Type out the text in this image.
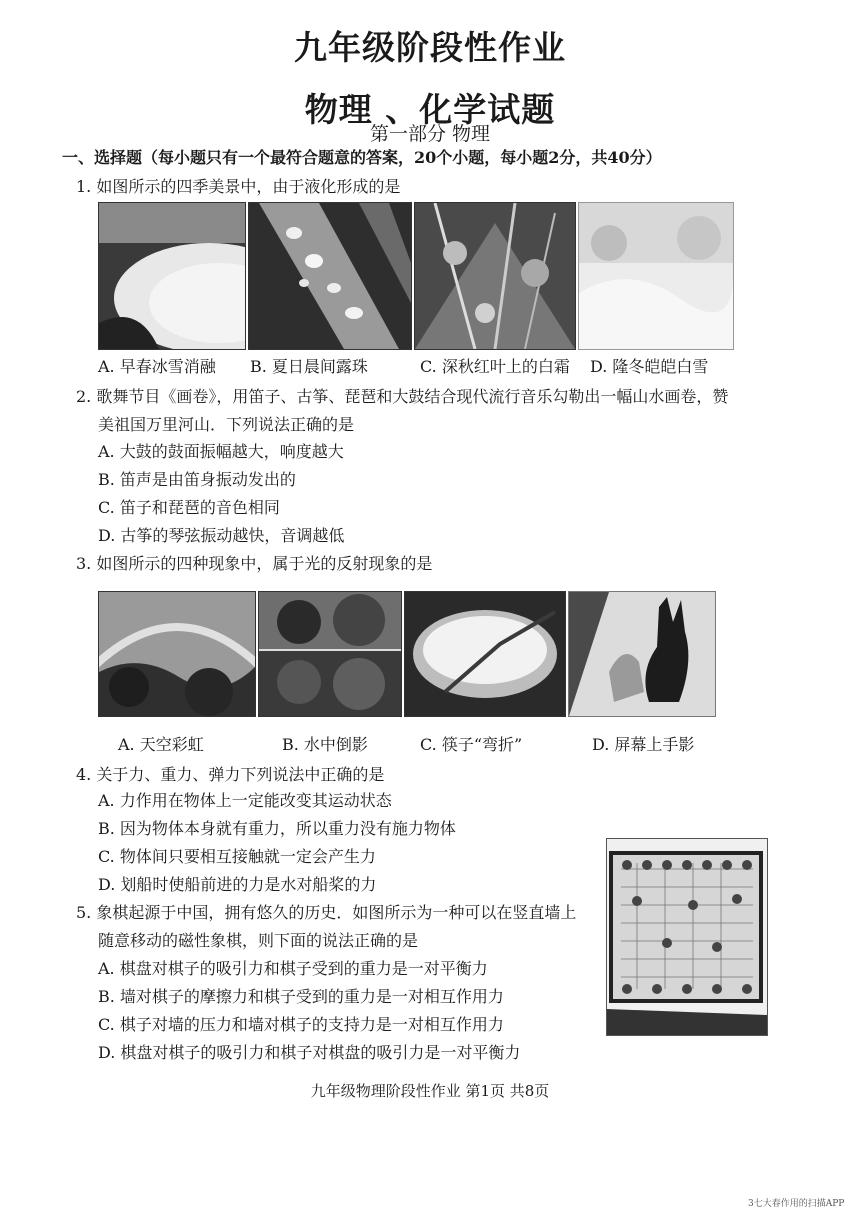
九年级阶段性作业
物理 、化学试题
第一部分 物理
一、选择题（每小题只有一个最符合题意的答案，20个小题，每小题2分，共40分）
1. 如图所示的四季美景中，由于液化形成的是
A. 早春冰雪消融 B. 夏日晨间露珠	C. 深秋红叶上的白霜 D. 隆冬皑皑白雪
2. 歌舞节目《画卷》，用笛子、古筝、琵琶和大鼓结合现代流行音乐勾勒出一幅山水画卷，赞
美祖国万里河山．下列说法正确的是
A. 大鼓的鼓面振幅越大，响度越大
B. 笛声是由笛身振动发出的
C. 笛子和琵琶的音色相同
D. 古筝的琴弦振动越快，音调越低
3. 如图所示的四种现象中，属于光的反射现象的是
A. 天空彩虹	B. 水中倒影	C. 筷子“弯折”	D. 屏幕上手影
4. 关于力、重力、弹力下列说法中正确的是
A. 力作用在物体上一定能改变其运动状态
B. 因为物体本身就有重力，所以重力没有施力物体
C. 物体间只要相互接触就一定会产生力
D. 划船时使船前进的力是水对船桨的力
5. 象棋起源于中国，拥有悠久的历史．如图所示为一种可以在竖直墙上
随意移动的磁性象棋，则下面的说法正确的是
A. 棋盘对棋子的吸引力和棋子受到的重力是一对平衡力
B. 墙对棋子的摩擦力和棋子受到的重力是一对相互作用力
C. 棋子对墙的压力和墙对棋子的支持力是一对相互作用力
D. 棋盘对棋子的吸引力和棋子对棋盘的吸引力是一对平衡力
九年级物理阶段性作业 第1页 共8页
3七大春作用的扫描APP
